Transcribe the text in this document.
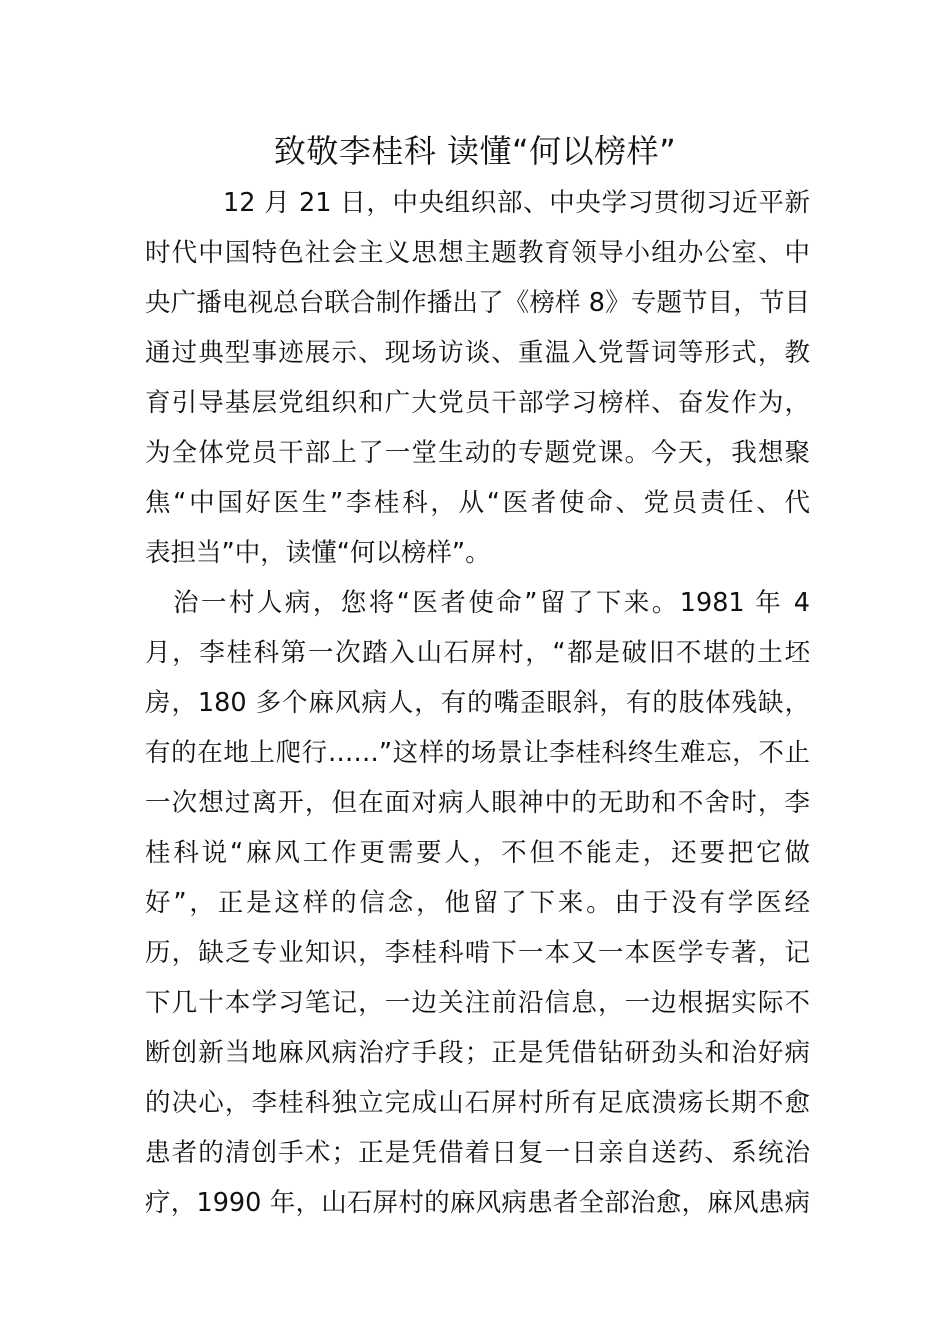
致敬李桂科 读懂“何以榜样”
12 月 21 日，中央组织部、中央学习贯彻习近平新
时代中国特色社会主义思想主题教育领导小组办公室、中
央广播电视总台联合制作播出了《榜样 8》专题节目，节目
通过典型事迹展示、现场访谈、重温入党誓词等形式，教
育引导基层党组织和广大党员干部学习榜样、奋发作为，
为全体党员干部上了一堂生动的专题党课。今天，我想聚
焦“中国好医生”李桂科，从“医者使命、党员责任、代
表担当”中，读懂“何以榜样”。
治一村人病，您将“医者使命”留了下来。1981 年 4
月，李桂科第一次踏入山石屏村，“都是破旧不堪的土坯
房，180 多个麻风病人，有的嘴歪眼斜，有的肢体残缺，
有的在地上爬行……”这样的场景让李桂科终生难忘，不止
一次想过离开，但在面对病人眼神中的无助和不舍时，李
桂科说“麻风工作更需要人，不但不能走，还要把它做
好”，正是这样的信念，他留了下来。由于没有学医经
历，缺乏专业知识，李桂科啃下一本又一本医学专著，记
下几十本学习笔记，一边关注前沿信息，一边根据实际不
断创新当地麻风病治疗手段；正是凭借钻研劲头和治好病
的决心，李桂科独立完成山石屏村所有足底溃疡长期不愈
患者的清创手术；正是凭借着日复一日亲自送药、系统治
疗，1990 年，山石屏村的麻风病患者全部治愈，麻风患病
